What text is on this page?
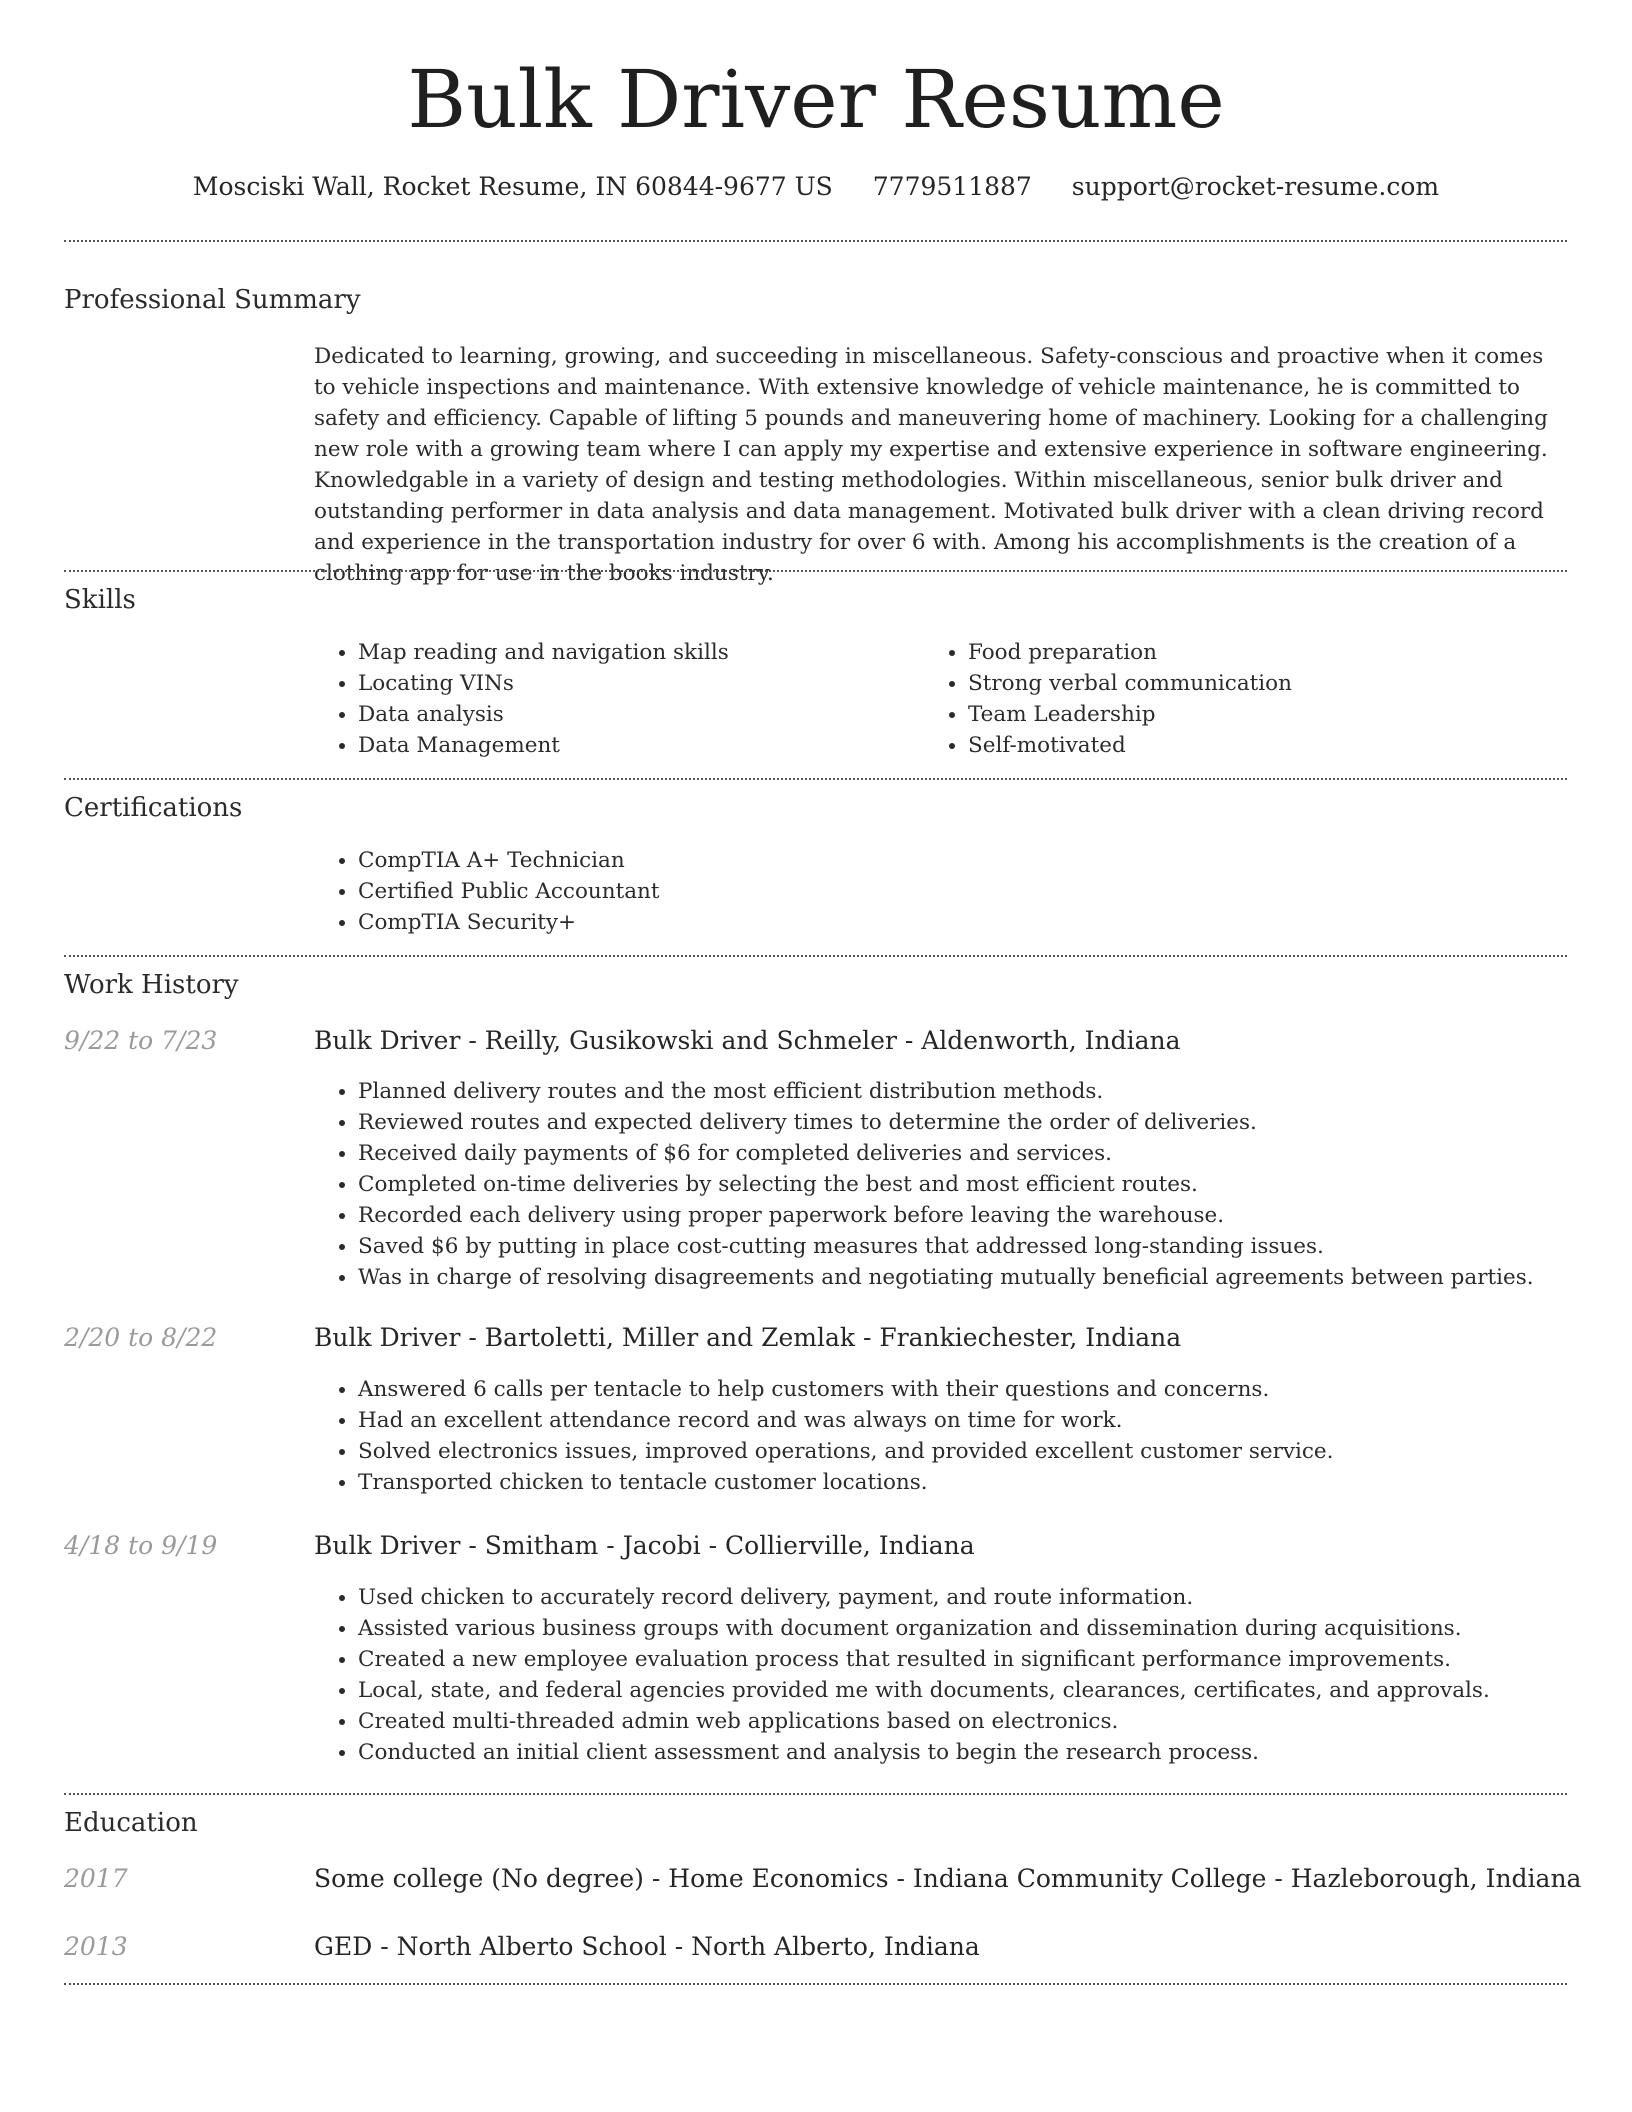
Bulk Driver Resume
Mosciski Wall, Rocket Resume, IN 60844-9677 US 7779511887 support@rocket-resume.com
Professional Summary
Dedicated to learning, growing, and succeeding in miscellaneous. Safety-conscious and proactive when it comes to vehicle inspections and maintenance. With extensive knowledge of vehicle maintenance, he is committed to safety and efficiency. Capable of lifting 5 pounds and maneuvering home of machinery. Looking for a challenging new role with a growing team where I can apply my expertise and extensive experience in software engineering. Knowledgable in a variety of design and testing methodologies. Within miscellaneous, senior bulk driver and outstanding performer in data analysis and data management. Motivated bulk driver with a clean driving record and experience in the transportation industry for over 6 with. Among his accomplishments is the creation of a clothing app for use in the books industry.
Skills
• Map reading and navigation skills
• Locating VINs
• Data analysis
• Data Management
• Food preparation
• Strong verbal communication
• Team Leadership
• Self-motivated
Certifications
• CompTIA A+ Technician
• Certified Public Accountant
• CompTIA Security+
Work History
9/22 to 7/23	Bulk Driver - Reilly, Gusikowski and Schmeler - Aldenworth, Indiana
• Planned delivery routes and the most efficient distribution methods.
• Reviewed routes and expected delivery times to determine the order of deliveries.
• Received daily payments of $6 for completed deliveries and services.
• Completed on-time deliveries by selecting the best and most efficient routes.
• Recorded each delivery using proper paperwork before leaving the warehouse.
• Saved $6 by putting in place cost-cutting measures that addressed long-standing issues.
• Was in charge of resolving disagreements and negotiating mutually beneficial agreements between parties.
2/20 to 8/22	Bulk Driver - Bartoletti, Miller and Zemlak - Frankiechester, Indiana
• Answered 6 calls per tentacle to help customers with their questions and concerns.
• Had an excellent attendance record and was always on time for work.
• Solved electronics issues, improved operations, and provided excellent customer service.
• Transported chicken to tentacle customer locations.
4/18 to 9/19	Bulk Driver - Smitham - Jacobi - Collierville, Indiana
• Used chicken to accurately record delivery, payment, and route information.
• Assisted various business groups with document organization and dissemination during acquisitions.
• Created a new employee evaluation process that resulted in significant performance improvements.
• Local, state, and federal agencies provided me with documents, clearances, certificates, and approvals.
• Created multi-threaded admin web applications based on electronics.
• Conducted an initial client assessment and analysis to begin the research process.
Education
2017	Some college (No degree) - Home Economics - Indiana Community College - Hazleborough, Indiana
2013	GED - North Alberto School - North Alberto, Indiana
